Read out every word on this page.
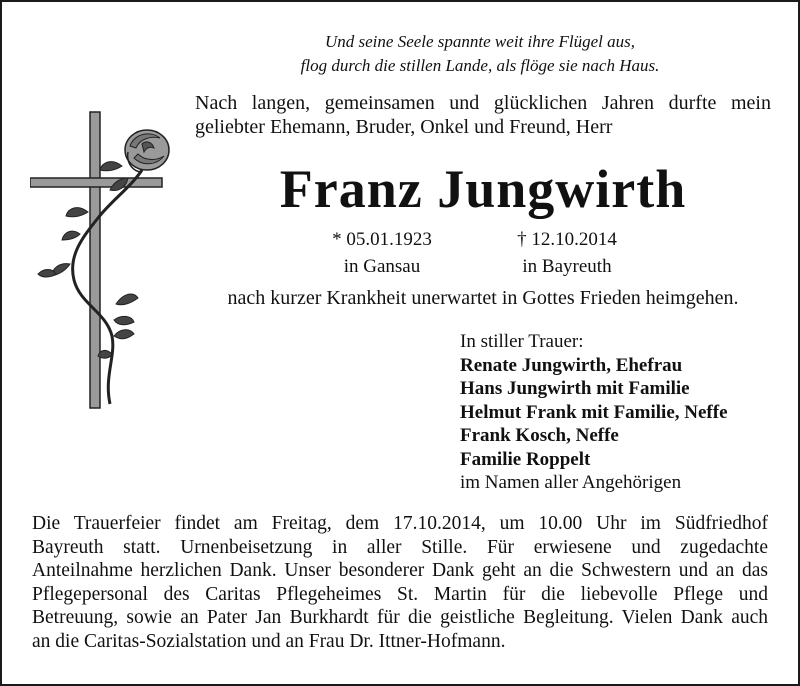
Und seine Seele spannte weit ihre Flügel aus,
flog durch die stillen Lande, als flöge sie nach Haus.
Nach langen, gemeinsamen und glücklichen Jahren durfte mein
geliebter Ehemann, Bruder, Onkel und Freund, Herr
Franz Jungwirth
* 05.01.1923
in Gansau
† 12.10.2014
in Bayreuth
nach kurzer Krankheit unerwartet in Gottes Frieden heimgehen.
In stiller Trauer:
Renate Jungwirth, Ehefrau
Hans Jungwirth mit Familie
Helmut Frank mit Familie, Neffe
Frank Kosch, Neffe
Familie Roppelt
im Namen aller Angehörigen
Die Trauerfeier findet am Freitag, dem 17.10.2014, um 10.00 Uhr im Südfriedhof
Bayreuth statt. Urnenbeisetzung in aller Stille. Für erwiesene und zugedachte
Anteilnahme herzlichen Dank. Unser besonderer Dank geht an die Schwestern und an das
Pflegepersonal des Caritas Pflegeheimes St. Martin für die liebevolle Pflege und
Betreuung, sowie an Pater Jan Burkhardt für die geistliche Begleitung. Vielen Dank auch
an die Caritas-Sozialstation und an Frau Dr. Ittner-Hofmann.
